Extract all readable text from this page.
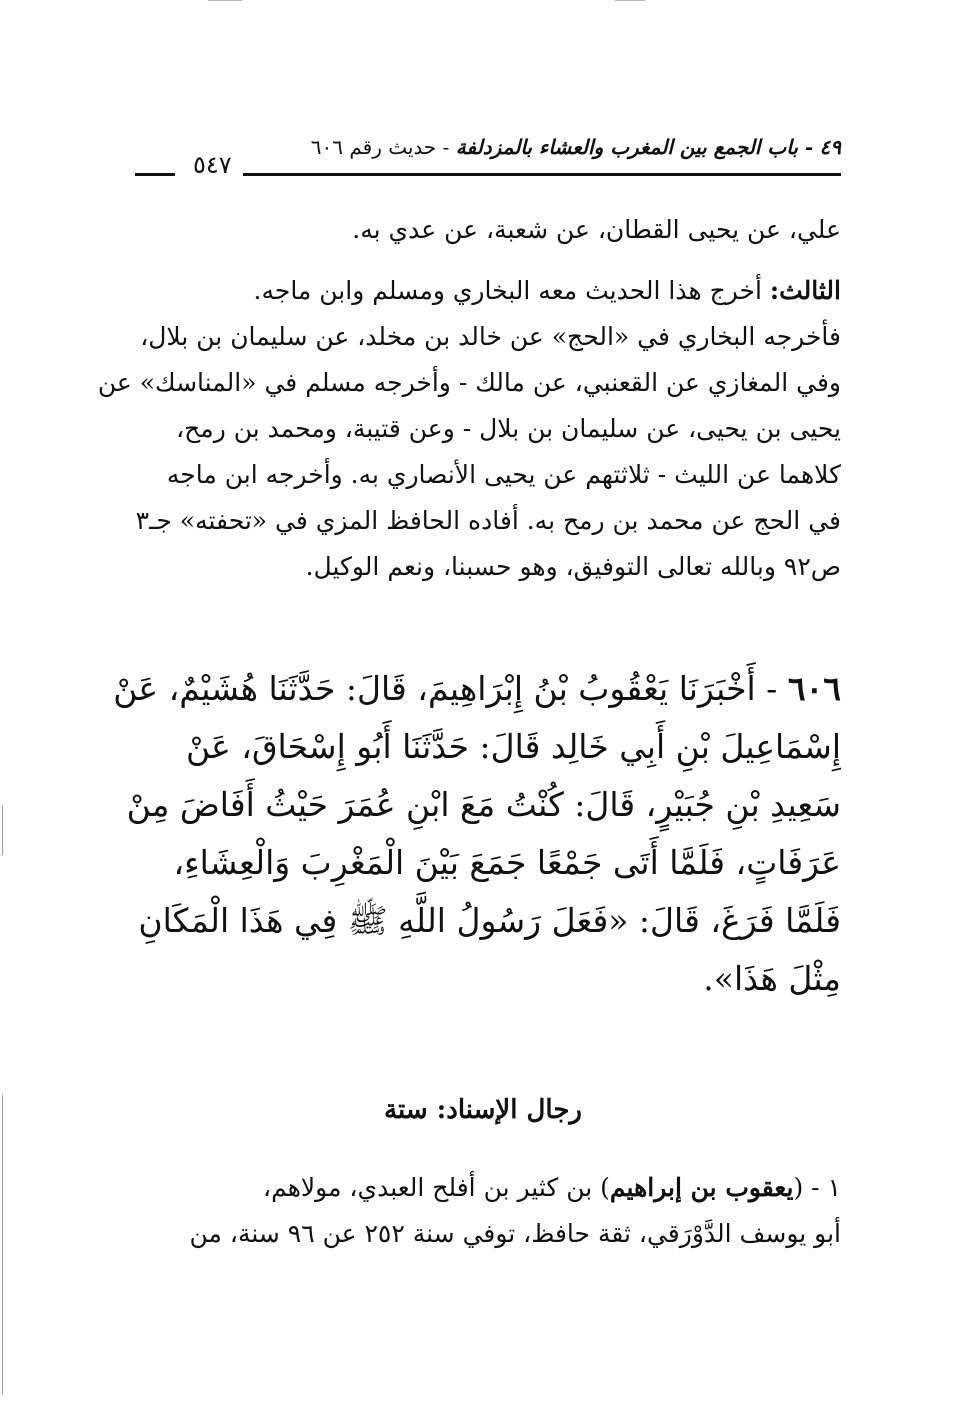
٥٤٧
٤٩ - باب الجمع بين المغرب والعشاء بالمزدلفة - حديث رقم ٦٠٦
علي، عن يحيى القطان، عن شعبة، عن عدي به.
الثالث: أخرج هذا الحديث معه البخاري ومسلم وابن ماجه.
فأخرجه البخاري في «الحج» عن خالد بن مخلد، عن سليمان بن بلال،
وفي المغازي عن القعنبي، عن مالك - وأخرجه مسلم في «المناسك» عن
يحيى بن يحيى، عن سليمان بن بلال - وعن قتيبة، ومحمد بن رمح،
كلاهما عن الليث - ثلاثتهم عن يحيى الأنصاري به. وأخرجه ابن ماجه
في الحج عن محمد بن رمح به. أفاده الحافظ المزي في «تحفته» جـ٣
ص٩٢ وبالله تعالى التوفيق، وهو حسبنا، ونعم الوكيل.
٦٠٦ - أَخْبَرَنَا يَعْقُوبُ بْنُ إِبْرَاهِيمَ، قَالَ: حَدَّثَنَا هُشَيْمٌ، عَنْ
إِسْمَاعِيلَ بْنِ أَبِي خَالِد قَالَ: حَدَّثَنَا أَبُو إِسْحَاقَ، عَنْ
سَعِيدِ بْنِ جُبَيْرٍ، قَالَ: كُنْتُ مَعَ ابْنِ عُمَرَ حَيْثُ أَفَاضَ مِنْ
عَرَفَاتٍ، فَلَمَّا أَتَى جَمْعًا جَمَعَ بَيْنَ الْمَغْرِبَ وَالْعِشَاءِ،
فَلَمَّا فَرَغَ، قَالَ: «فَعَلَ رَسُولُ اللَّهِ ﷺ فِي هَذَا الْمَكَانِ
مِثْلَ هَذَا».
رجال الإسناد: ستة
١ - (يعقوب بن إبراهيم) بن كثير بن أفلح العبدي، مولاهم،
أبو يوسف الدَّوْرَقي، ثقة حافظ، توفي سنة ٢٥٢ عن ٩٦ سنة، من
